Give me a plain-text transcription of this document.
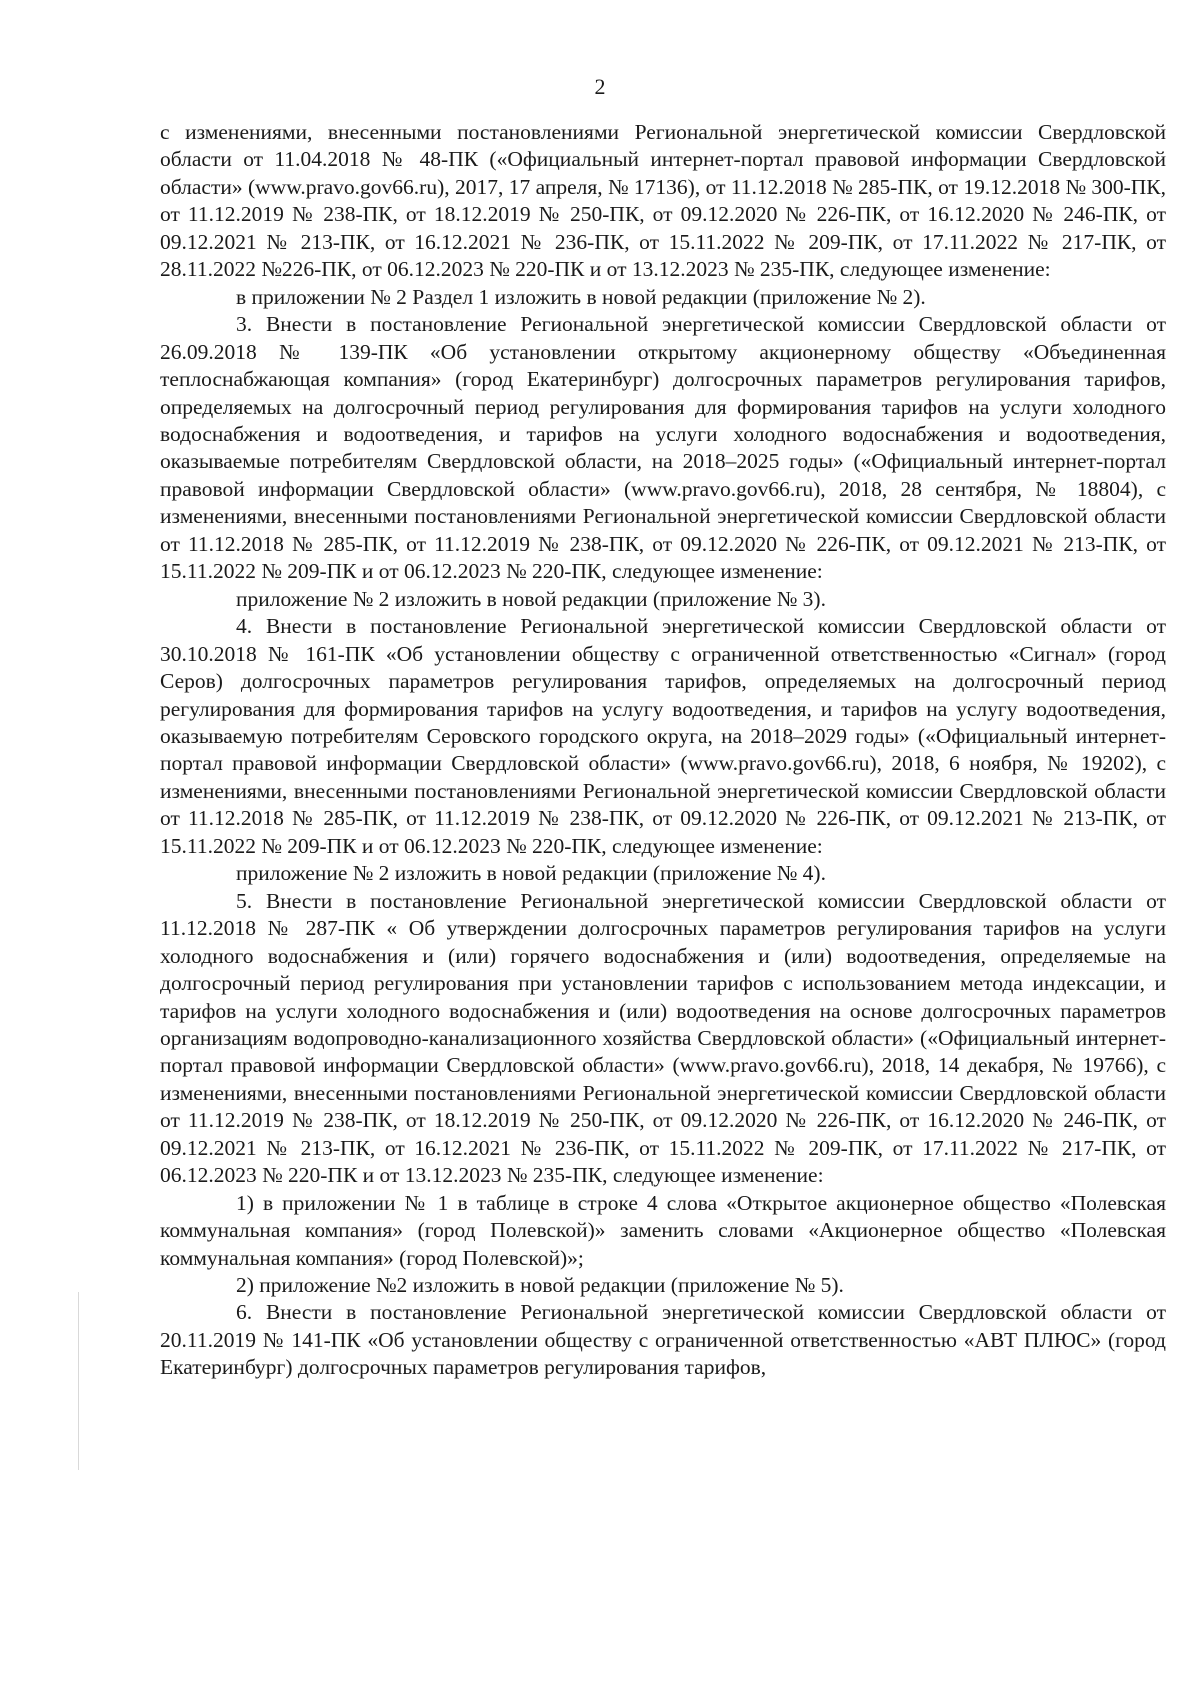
2

с изменениями, внесенными постановлениями Региональной энергетической комиссии Свердловской области от 11.04.2018 № 48-ПК («Официальный интернет-портал правовой информации Свердловской области» (www.pravo.gov66.ru), 2017, 17 апреля, № 17136), от 11.12.2018 № 285-ПК, от 19.12.2018 № 300-ПК, от 11.12.2019 № 238-ПК, от 18.12.2019 № 250-ПК, от 09.12.2020 № 226-ПК, от 16.12.2020 № 246-ПК, от 09.12.2021 № 213-ПК, от 16.12.2021 № 236-ПК, от 15.11.2022 № 209-ПК, от 17.11.2022 № 217-ПК, от 28.11.2022 №226-ПК, от 06.12.2023 № 220-ПК и от 13.12.2023 № 235-ПК, следующее изменение:

в приложении № 2 Раздел 1 изложить в новой редакции (приложение № 2).

3. Внести в постановление Региональной энергетической комиссии Свердловской области от 26.09.2018 № 139-ПК «Об установлении открытому акционерному обществу «Объединенная теплоснабжающая компания» (город Екатеринбург) долгосрочных параметров регулирования тарифов, определяемых на долгосрочный период регулирования для формирования тарифов на услуги холодного водоснабжения и водоотведения, и тарифов на услуги холодного водоснабжения и водоотведения, оказываемые потребителям Свердловской области, на 2018–2025 годы» («Официальный интернет-портал правовой информации Свердловской области» (www.pravo.gov66.ru), 2018, 28 сентября, № 18804), с изменениями, внесенными постановлениями Региональной энергетической комиссии Свердловской области от 11.12.2018 № 285-ПК, от 11.12.2019 № 238-ПК, от 09.12.2020 № 226-ПК, от 09.12.2021 № 213-ПК, от 15.11.2022 № 209-ПК и от 06.12.2023 № 220-ПК, следующее изменение:

приложение № 2 изложить в новой редакции (приложение № 3).

4. Внести в постановление Региональной энергетической комиссии Свердловской области от 30.10.2018 № 161-ПК «Об установлении обществу с ограниченной ответственностью «Сигнал» (город Серов) долгосрочных параметров регулирования тарифов, определяемых на долгосрочный период регулирования для формирования тарифов на услугу водоотведения, и тарифов на услугу водоотведения, оказываемую потребителям Серовского городского округа, на 2018–2029 годы» («Официальный интернет-портал правовой информации Свердловской области» (www.pravo.gov66.ru), 2018, 6 ноября, № 19202), с изменениями, внесенными постановлениями Региональной энергетической комиссии Свердловской области от 11.12.2018 № 285-ПК, от 11.12.2019 № 238-ПК, от 09.12.2020 № 226-ПК, от 09.12.2021 № 213-ПК, от 15.11.2022 № 209-ПК и от 06.12.2023 № 220-ПК, следующее изменение:

приложение № 2 изложить в новой редакции (приложение № 4).

5. Внести в постановление Региональной энергетической комиссии Свердловской области от 11.12.2018 № 287-ПК « Об утверждении долгосрочных параметров регулирования тарифов на услуги холодного водоснабжения и (или) горячего водоснабжения и (или) водоотведения, определяемые на долгосрочный период регулирования при установлении тарифов с использованием метода индексации, и тарифов на услуги холодного водоснабжения и (или) водоотведения на основе долгосрочных параметров организациям водопроводно-канализационного хозяйства Свердловской области» («Официальный интернет-портал правовой информации Свердловской области» (www.pravo.gov66.ru), 2018, 14 декабря, № 19766), с изменениями, внесенными постановлениями Региональной энергетической комиссии Свердловской области от 11.12.2019 № 238-ПК, от 18.12.2019 № 250-ПК, от 09.12.2020 № 226-ПК, от 16.12.2020 № 246-ПК, от 09.12.2021 № 213-ПК, от 16.12.2021 № 236-ПК, от 15.11.2022 № 209-ПК, от 17.11.2022 № 217-ПК, от 06.12.2023 № 220-ПК и от 13.12.2023 № 235-ПК, следующее изменение:

1) в приложении № 1 в таблице в строке 4 слова «Открытое акционерное общество «Полевская коммунальная компания» (город Полевской)» заменить словами «Акционерное общество «Полевская коммунальная компания» (город Полевской)»;

2) приложение №2 изложить в новой редакции (приложение № 5).

6. Внести в постановление Региональной энергетической комиссии Свердловской области от 20.11.2019 № 141-ПК «Об установлении обществу с ограниченной ответственностью «АВТ ПЛЮС» (город Екатеринбург) долгосрочных параметров регулирования тарифов,
